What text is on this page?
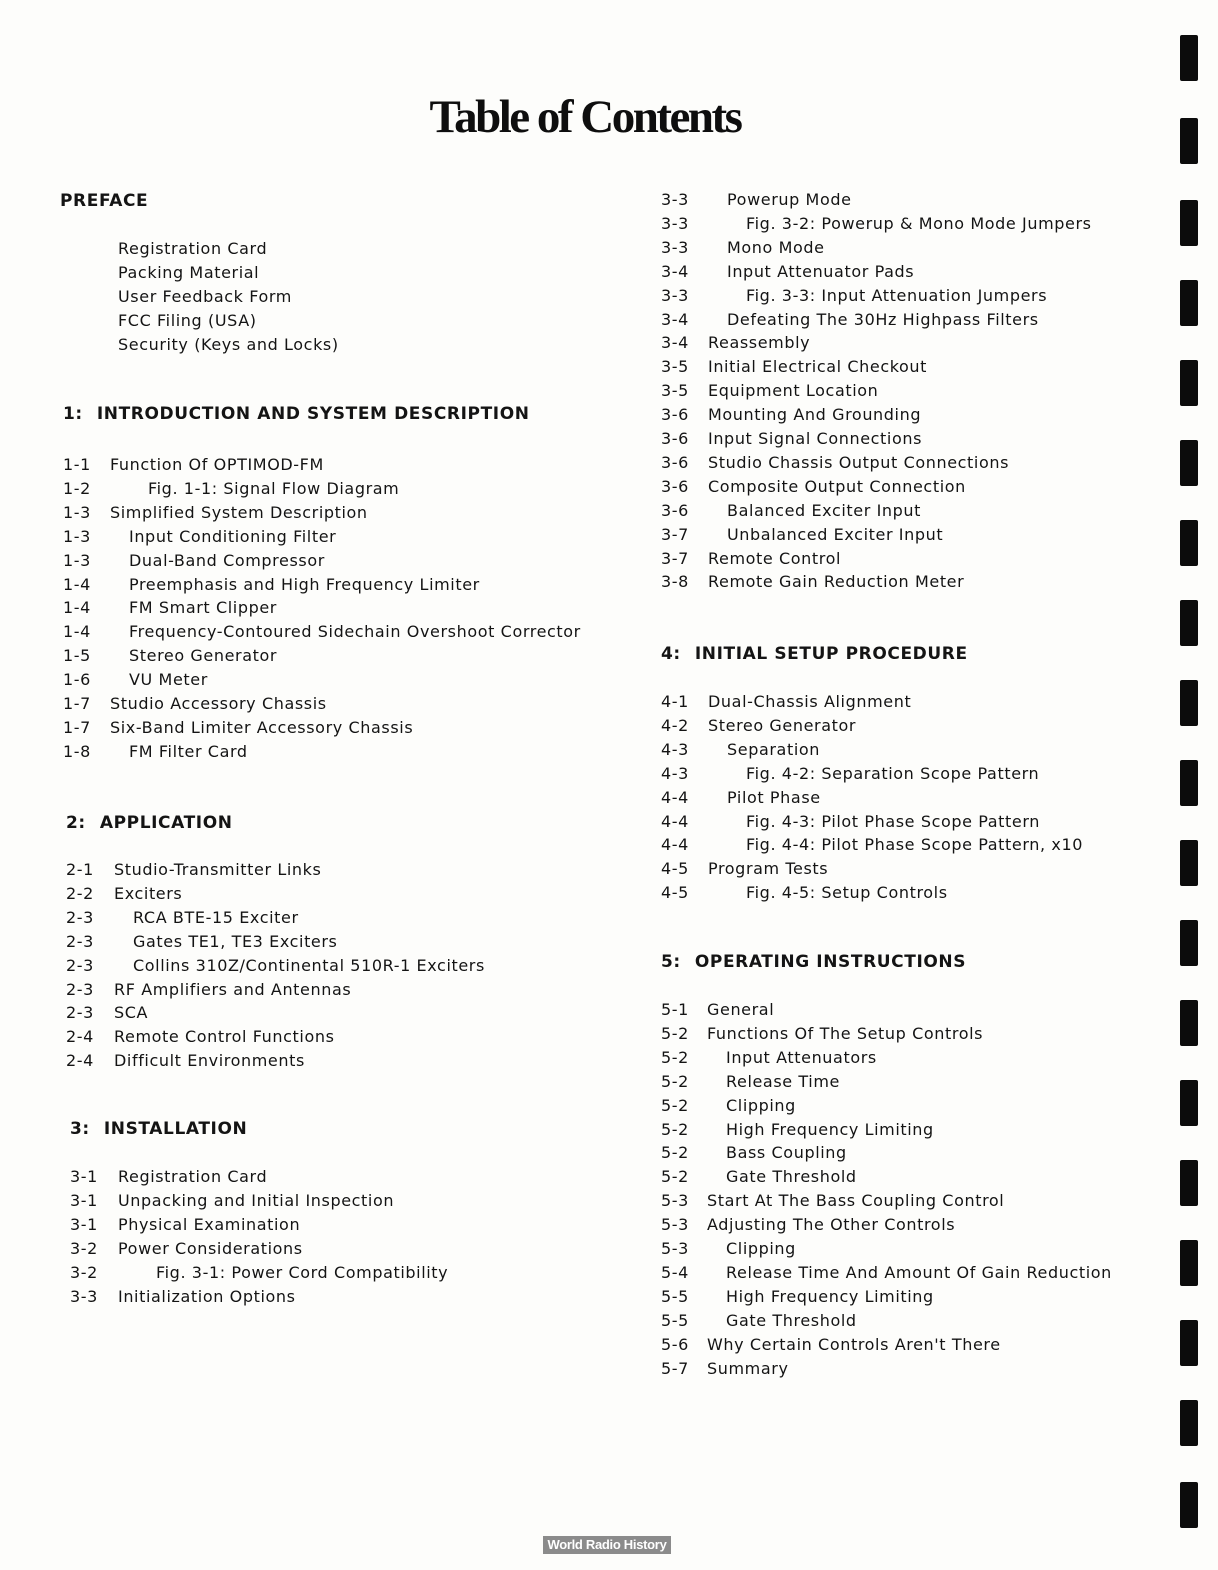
Table of Contents
PREFACE
Registration Card
Packing Material
User Feedback Form
FCC Filing (USA)
Security (Keys and Locks)
1: INTRODUCTION AND SYSTEM DESCRIPTION
1-1 Function Of OPTIMOD-FM
1-2	Fig. 1-1: Signal Flow Diagram
1-3 Simplified System Description
1-3 Input Conditioning Filter
1-3 Dual-Band Compressor
1-4 Preemphasis and High Frequency Limiter
1-4 FM Smart Clipper
1-4 Frequency-Contoured Sidechain Overshoot Corrector
1-5 Stereo Generator
1-6 VU Meter
1-7 Studio Accessory Chassis
1-7 Six-Band Limiter Accessory Chassis
1-8 FM Filter Card
2: APPLICATION
2-1 Studio-Transmitter Links
2-2 Exciters
2-3 RCA BTE-15 Exciter
2-3 Gates TE1, TE3 Exciters
2-3 Collins 310Z/Continental 510R-1 Exciters
2-3 RF Amplifiers and Antennas
2-3 SCA
2-4 Remote Control Functions
2-4 Difficult Environments
3: INSTALLATION
3-1 Registration Card
3-1 Unpacking and Initial Inspection
3-1 Physical Examination
3-2 Power Considerations
3-2	Fig. 3-1: Power Cord Compatibility
3-3 Initialization Options
3-3 Powerup Mode
3-3	Fig. 3-2: Powerup & Mono Mode Jumpers
3-3 Mono Mode
3-4 Input Attenuator Pads
3-3	Fig. 3-3: Input Attenuation Jumpers
3-4 Defeating The 30Hz Highpass Filters
3-4 Reassembly
3-5 Initial Electrical Checkout
3-5 Equipment Location
3-6 Mounting And Grounding
3-6 Input Signal Connections
3-6 Studio Chassis Output Connections
3-6 Composite Output Connection
3-6 Balanced Exciter Input
3-7 Unbalanced Exciter Input
3-7 Remote Control
3-8 Remote Gain Reduction Meter
4: INITIAL SETUP PROCEDURE
4-1 Dual-Chassis Alignment
4-2 Stereo Generator
4-3 Separation
4-3	Fig. 4-2: Separation Scope Pattern
4-4 Pilot Phase
4-4	Fig. 4-3: Pilot Phase Scope Pattern
4-4	Fig. 4-4: Pilot Phase Scope Pattern, x10
4-5 Program Tests
4-5	Fig. 4-5: Setup Controls
5: OPERATING INSTRUCTIONS
5-1 General
5-2 Functions Of The Setup Controls
5-2 Input Attenuators
5-2 Release Time
5-2 Clipping
5-2 High Frequency Limiting
5-2 Bass Coupling
5-2 Gate Threshold
5-3 Start At The Bass Coupling Control
5-3 Adjusting The Other Controls
5-3 Clipping
5-4 Release Time And Amount Of Gain Reduction
5-5 High Frequency Limiting
5-5 Gate Threshold
5-6 Why Certain Controls Aren't There
5-7 Summary
World Radio History
